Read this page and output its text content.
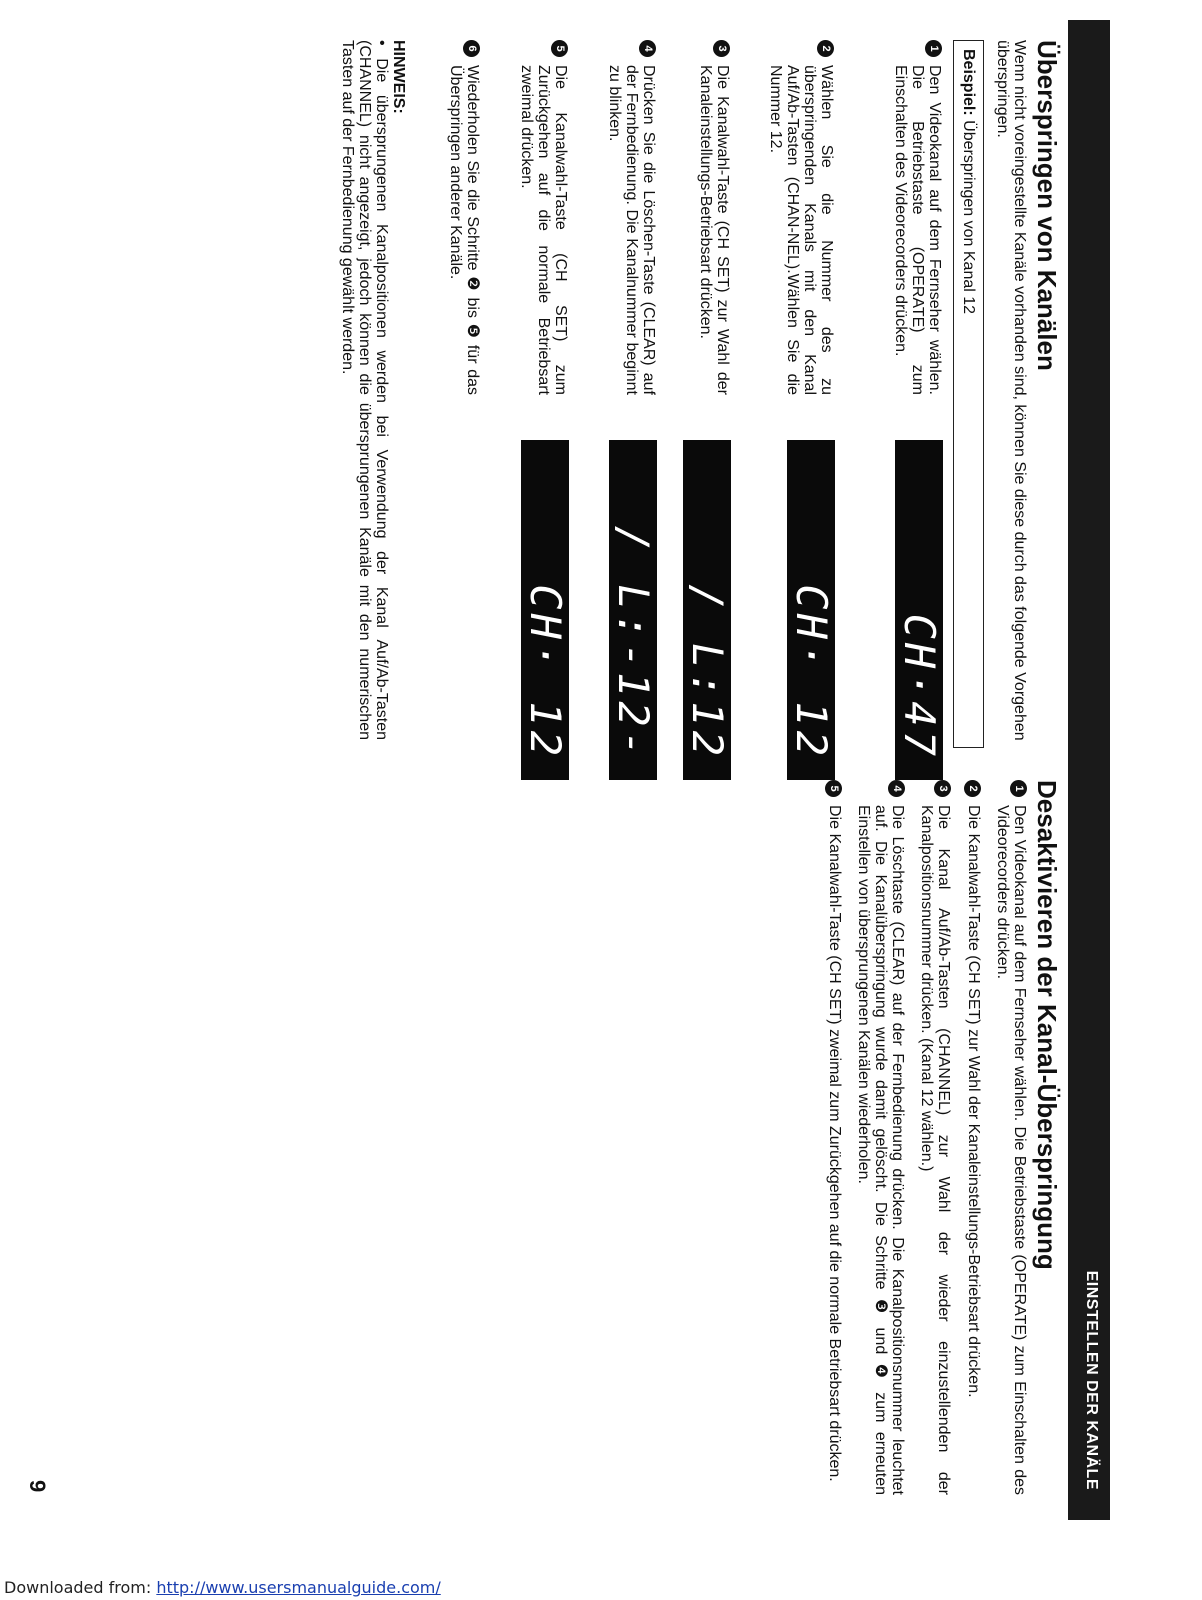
EINSTELLEN DER KANÄLE
Überspringen von Kanälen

Wenn nicht voreingestellte Kanäle vorhanden sind, können Sie diese durch das folgende Vorgehen überspringen.

Beispiel: Überspringen von Kanal 12
1
Den Videokanal auf dem Fernseher wählen. Die Betriebstaste (OPERATE) zum Einschalten des Videorecorders drücken.
CH·47
2
Wählen Sie die Nummer des zu überspringenden Kanals mit den Kanal Auf/Ab-Tasten (CHAN-NEL).Wählen Sie die Nummer 12.
CH· 12
3
Die Kanalwahl-Taste (CH SET) zur Wahl der Kanaleinstellungs-Betriebsart drücken.
/ L:12
4
Drücken Sie die Löschen-Taste (CLEAR) auf der Fernbedienung. Die Kanalnummer beginnt zu blinken.
/ L:-12-
5
Die Kanalwahl-Taste (CH SET) zum Zurückgehen auf die normale Betriebsart zweimal drücken.
CH· 12
6
Wiederholen Sie die Schritte ❷ bis ❺ für das Überspringen anderer Kanäle.
HINWEIS:
• Die übersprungenen Kanalpositionen werden bei Verwendung der Kanal Auf/Ab-Tasten (CHANNEL) nicht angezeigt, jedoch können die übersprungenen Kanäle mit den numerischen Tasten auf der Fernbedienung gewählt werden.
Desaktivieren der Kanal-Überspringung
1
Den Videokanal auf dem Fernseher wählen. Die Betriebstaste (OPERATE) zum Einschalten des Videorecorders drücken.
2
Die Kanalwahl-Taste (CH SET) zur Wahl der Kanaleinstellungs-Betriebsart drücken.
3
Die Kanal Auf/Ab-Tasten (CHANNEL) zur Wahl der wieder einzustellenden der Kanalpositionsnummer drücken. (Kanal 12 wählen.)
4
Die Löschtaste (CLEAR) auf der Fernbedienung drücken. Die Kanalpositionsnummer leuchtet auf. Die Kanalüberspringung wurde damit gelöscht. Die Schritte ❸ und ❹ zum erneuten Einstellen von übersprungenen Kanälen wiederholen.
5
Die Kanalwahl-Taste (CH SET) zweimal zum Zurückgehen auf die normale Betriebsart drücken.
9
Downloaded from: http://www.usersmanualguide.com/
